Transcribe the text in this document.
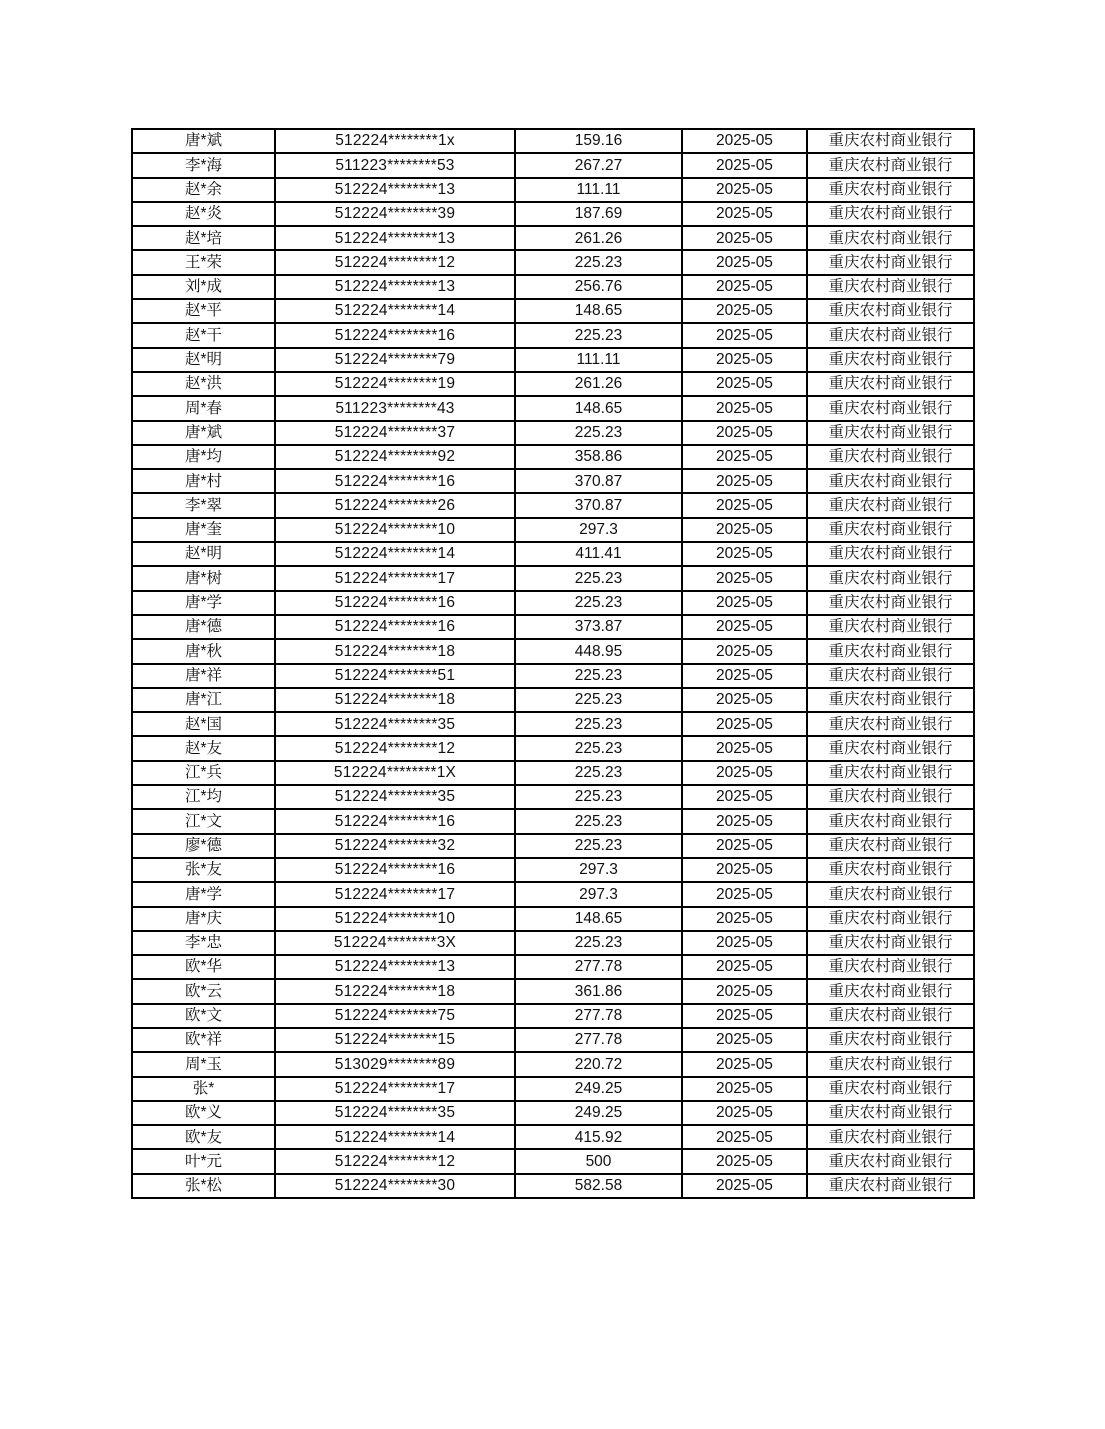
唐*斌	512224********1x	159.16	2025-05	重庆农村商业银行
李*海	511223********53	267.27	2025-05	重庆农村商业银行
赵*余	512224********13	111.11	2025-05	重庆农村商业银行
赵*炎	512224********39	187.69	2025-05	重庆农村商业银行
赵*培	512224********13	261.26	2025-05	重庆农村商业银行
王*荣	512224********12	225.23	2025-05	重庆农村商业银行
刘*成	512224********13	256.76	2025-05	重庆农村商业银行
赵*平	512224********14	148.65	2025-05	重庆农村商业银行
赵*干	512224********16	225.23	2025-05	重庆农村商业银行
赵*明	512224********79	111.11	2025-05	重庆农村商业银行
赵*洪	512224********19	261.26	2025-05	重庆农村商业银行
周*春	511223********43	148.65	2025-05	重庆农村商业银行
唐*斌	512224********37	225.23	2025-05	重庆农村商业银行
唐*均	512224********92	358.86	2025-05	重庆农村商业银行
唐*村	512224********16	370.87	2025-05	重庆农村商业银行
李*翠	512224********26	370.87	2025-05	重庆农村商业银行
唐*奎	512224********10	297.3	2025-05	重庆农村商业银行
赵*明	512224********14	411.41	2025-05	重庆农村商业银行
唐*树	512224********17	225.23	2025-05	重庆农村商业银行
唐*学	512224********16	225.23	2025-05	重庆农村商业银行
唐*德	512224********16	373.87	2025-05	重庆农村商业银行
唐*秋	512224********18	448.95	2025-05	重庆农村商业银行
唐*祥	512224********51	225.23	2025-05	重庆农村商业银行
唐*江	512224********18	225.23	2025-05	重庆农村商业银行
赵*国	512224********35	225.23	2025-05	重庆农村商业银行
赵*友	512224********12	225.23	2025-05	重庆农村商业银行
江*兵	512224********1X	225.23	2025-05	重庆农村商业银行
江*均	512224********35	225.23	2025-05	重庆农村商业银行
江*文	512224********16	225.23	2025-05	重庆农村商业银行
廖*德	512224********32	225.23	2025-05	重庆农村商业银行
张*友	512224********16	297.3	2025-05	重庆农村商业银行
唐*学	512224********17	297.3	2025-05	重庆农村商业银行
唐*庆	512224********10	148.65	2025-05	重庆农村商业银行
李*忠	512224********3X	225.23	2025-05	重庆农村商业银行
欧*华	512224********13	277.78	2025-05	重庆农村商业银行
欧*云	512224********18	361.86	2025-05	重庆农村商业银行
欧*文	512224********75	277.78	2025-05	重庆农村商业银行
欧*祥	512224********15	277.78	2025-05	重庆农村商业银行
周*玉	513029********89	220.72	2025-05	重庆农村商业银行
张*	512224********17	249.25	2025-05	重庆农村商业银行
欧*义	512224********35	249.25	2025-05	重庆农村商业银行
欧*友	512224********14	415.92	2025-05	重庆农村商业银行
叶*元	512224********12	500	2025-05	重庆农村商业银行
张*松	512224********30	582.58	2025-05	重庆农村商业银行
